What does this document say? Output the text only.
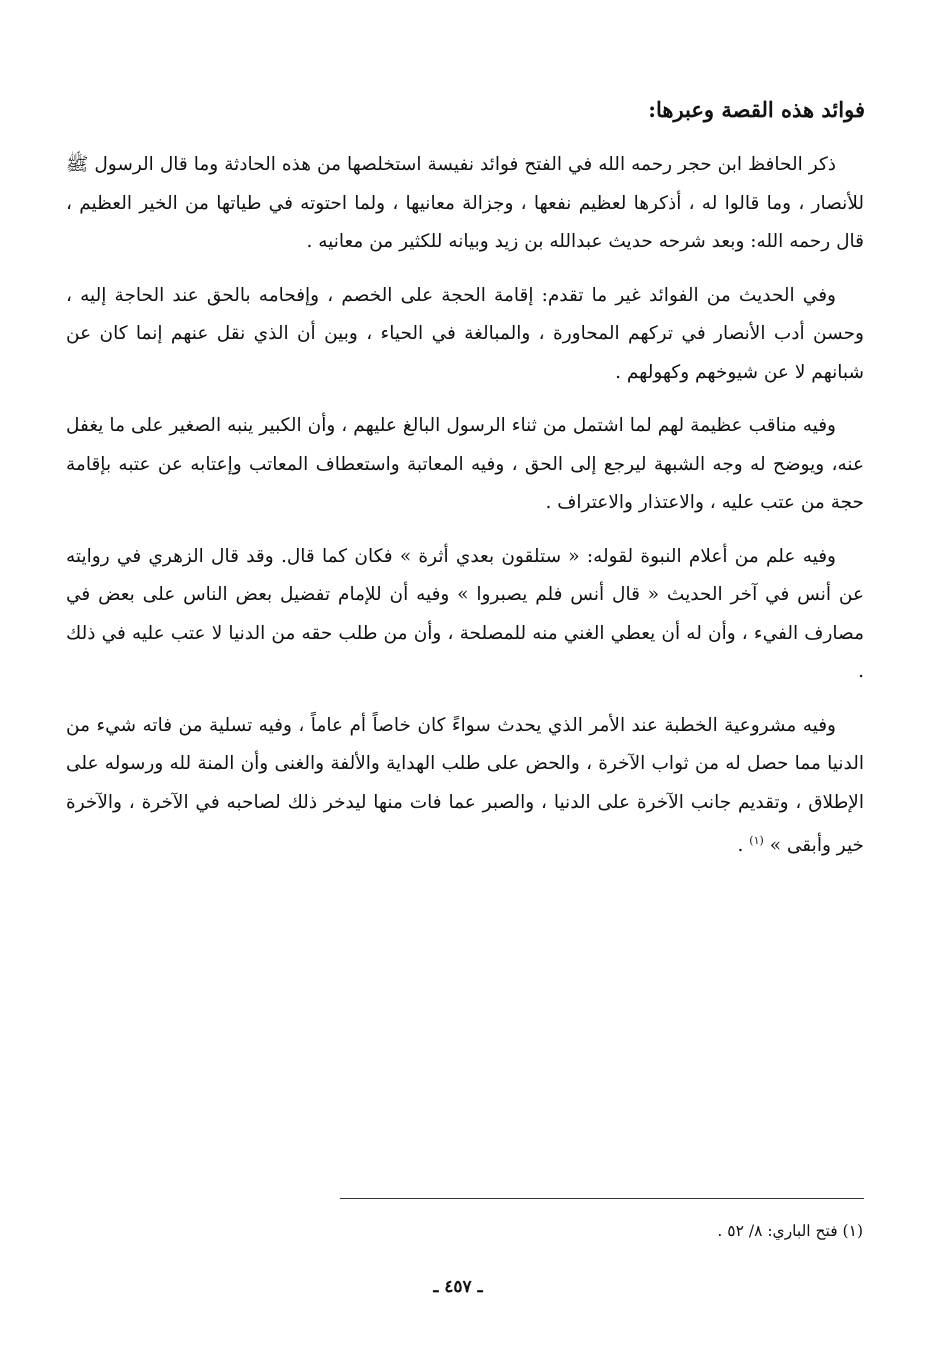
فوائد هذه القصة وعبرها:

ذكر الحافظ ابن حجر رحمه الله في الفتح فوائد نفيسة استخلصها من هذه الحادثة وما قال الرسول ﷺ للأنصار ، وما قالوا له ، أذكرها لعظيم نفعها ، وجزالة معانيها ، ولما احتوته في طياتها من الخير العظيم ، قال رحمه الله: وبعد شرحه حديث عبدالله بن زيد وبيانه للكثير من معانيه .

وفي الحديث من الفوائد غير ما تقدم: إقامة الحجة على الخصم ، وإفحامه بالحق عند الحاجة إليه ، وحسن أدب الأنصار في تركهم المحاورة ، والمبالغة في الحياء ، وبين أن الذي نقل عنهم إنما كان عن شبانهم لا عن شيوخهم وكهولهم .

وفيه مناقب عظيمة لهم لما اشتمل من ثناء الرسول البالغ عليهم ، وأن الكبير ينبه الصغير على ما يغفل عنه، ويوضح له وجه الشبهة ليرجع إلى الحق ، وفيه المعاتبة واستعطاف المعاتب وإعتابه عن عتبه بإقامة حجة من عتب عليه ، والاعتذار والاعتراف .

وفيه علم من أعلام النبوة لقوله: « ستلقون بعدي أثرة » فكان كما قال. وقد قال الزهري في روايته عن أنس في آخر الحديث « قال أنس فلم يصبروا » وفيه أن للإمام تفضيل بعض الناس على بعض في مصارف الفيء ، وأن له أن يعطي الغني منه للمصلحة ، وأن من طلب حقه من الدنيا لا عتب عليه في ذلك .

وفيه مشروعية الخطبة عند الأمر الذي يحدث سواءً كان خاصاً أم عاماً ، وفيه تسلية من فاته شيء من الدنيا مما حصل له من ثواب الآخرة ، والحض على طلب الهداية والألفة والغنى وأن المنة لله ورسوله على الإطلاق ، وتقديم جانب الآخرة على الدنيا ، والصبر عما فات منها ليدخر ذلك لصاحبه في الآخرة ، والآخرة خير وأبقى » $^{(١)}$ .

(١) فتح الباري: ٨/ ٥٢ .
ـ ٤٥٧ ـ
